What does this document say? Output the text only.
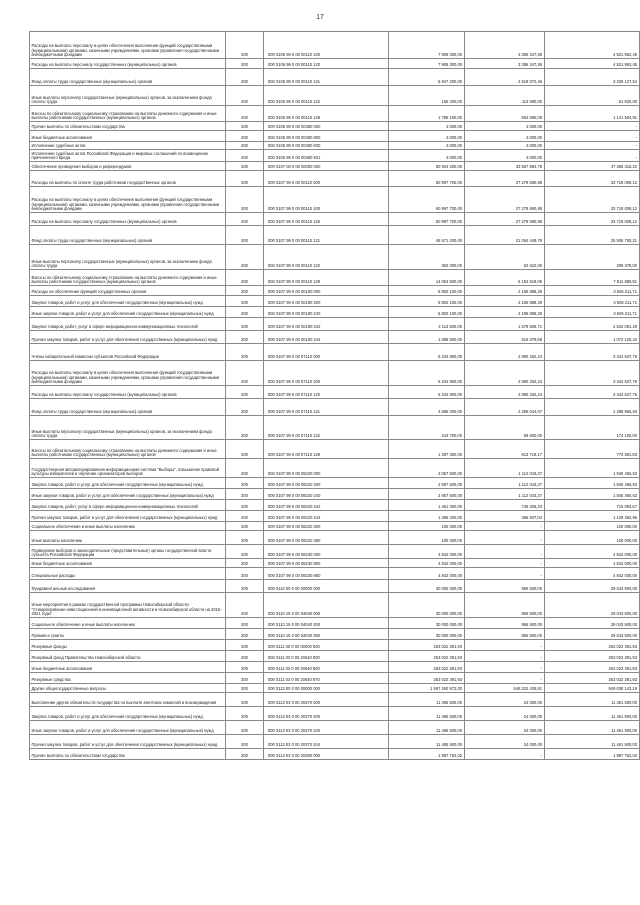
17
Расходы на выплаты персоналу в целях обеспечения выполнения функций государственными (муниципальными) органами, казенными учреждениями, органами управления государственными внебюджетными фондами	200	000 0106 99 0 00 00110 100	7 908 300,00	3 386 347,55	4 521 952,45
Расходы на выплаты персоналу государственных (муниципальных) органов	200	000 0106 99 0 00 00110 120	7 908 300,00	3 386 347,55	4 521 952,45
Фонд оплаты труда государственных (муниципальных) органов	200	000 0106 99 0 00 00110 121	5 947 200,00	2 618 072,46	3 329 127,54
Иные выплаты персоналу государственных (муниципальных) органов, за исключением фонда оплаты труда	200	000 0106 99 0 00 00110 122	165 200,00	113 680,00	51 520,00
Взносы по обязательному социальному страхованию на выплаты денежного содержания и иные выплаты работникам государственных (муниципальных) органов	200	000 0106 99 0 00 00110 129	1 795 100,00	654 595,09	1 141 504,91
Прочие выплаты по обязательствам государства	200	000 0106 99 0 00 00380 000	3 000,00	3 000,00	-
Иные бюджетные ассигнования	200	000 0106 99 0 00 00380 800	3 000,00	3 000,00	-
Исполнение судебных актов	200	000 0106 99 0 00 00380 830	3 000,00	3 000,00	-
Исполнение судебных актов Российской Федерации и мировых соглашений по возмещению причиненного вреда	200	000 0106 99 0 00 00380 831	3 000,00	3 000,00	-
Обеспечение проведения выборов и референдумов	200	000 0107 00 0 00 00000 000	80 924 200,00	33 567 884,78	47 356 315,22
Расходы на выплаты по оплате труда работников государственных органов	200	000 0107 99 0 00 00110 000	60 997 700,00	27 278 690,88	33 718 009,12
Расходы на выплаты персоналу в целях обеспечения выполнения функций государственными (муниципальными) органами, казенными учреждениями, органами управления государственными внебюджетными фондами	200	000 0107 99 0 00 00110 100	60 997 700,00	27 278 690,88	33 718 009,12
Расходы на выплаты персоналу государственных (муниципальных) органов	200	000 0107 99 0 00 00110 120	60 997 700,00	27 278 690,88	33 718 009,12
Фонд оплаты труда государственных (муниципальных) органов	200	000 0107 99 0 00 00110 121	46 571 200,00	21 064 449,79	25 506 750,21
Иные выплаты персоналу государственных (муниципальных) органов, за исключением фонда оплаты труда	200	000 0107 99 0 00 00110 122	362 000,00	62 622,00	299 378,00
Взносы по обязательному социальному страхованию на выплаты денежного содержания и иные выплаты работникам государственных (муниципальных) органов	200	000 0107 99 0 00 00110 129	14 064 500,00	6 152 619,09	7 911 880,91
Расходы на обеспечение функций государственных органов	200	000 0107 99 0 00 00190 000	5 802 100,00	2 195 888,29	3 606 211,71
Закупка товаров, работ и услуг для обеспечения государственных (муниципальных) нужд	200	000 0107 99 0 00 00190 200	5 802 100,00	2 195 888,29	3 606 211,71
Иные закупки товаров, работ и услуг для обеспечения государственных (муниципальных) нужд	200	000 0107 99 0 00 00190 240	5 802 100,00	2 195 888,29	3 606 211,71
Закупка товаров, работ, услуг в сфере информационно-коммуникационных технологий	200	000 0107 99 0 00 00190 242	4 113 600,00	1 579 508,71	2 534 091,29
Прочая закупка товаров, работ и услуг для обеспечения государственных (муниципальных) нужд	200	000 0107 99 0 00 00190 244	1 688 500,00	616 379,58	1 072 120,42
Члены избирательной комиссии субъектов Российской Федерации	200	000 0107 99 0 00 07110 000	6 234 900,00	2 890 262,24	3 344 637,76
Расходы на выплаты персоналу в целях обеспечения выполнения функций государственными (муниципальными) органами, казенными учреждениями, органами управления государственными внебюджетными фондами	200	000 0107 99 0 00 07110 100	6 234 900,00	2 890 262,24	3 344 637,76
Расходы на выплаты персоналу государственных (муниципальных) органов	200	000 0107 99 0 00 07110 120	6 234 900,00	2 890 262,24	3 344 637,76
Фонд оплаты труда государственных (муниципальных) органов	200	000 0107 99 0 00 07110 121	4 595 000,00	2 296 044,07	2 298 955,93
Иные выплаты персоналу государственных (муниципальных) органов, за исключением фонда оплаты труда	200	000 0107 99 0 00 07110 122	243 700,00	69 600,00	174 100,00
Взносы по обязательному социальному страхованию на выплаты денежного содержания и иные выплаты работникам государственных (муниципальных) органов	200	000 0107 99 0 00 07110 129	1 387 300,00	613 718,17	773 581,83
Государственная автоматизированная информационная система "Выборы", повышение правовой культуры избирателей и обучение организаторов выборов	200	000 0107 99 0 00 08220 000	3 057 500,00	1 112 043,37	1 945 456,63
Закупка товаров, работ и услуг для обеспечения государственных (муниципальных) нужд	200	000 0107 99 0 00 08220 200	2 957 500,00	1 112 043,37	1 845 456,63
Иные закупки товаров, работ и услуг для обеспечения государственных (муниципальных) нужд	200	000 0107 99 0 00 08220 240	2 957 500,00	1 112 043,37	1 845 456,63
Закупка товаров, работ, услуг в сфере информационно-коммуникационных технологий	200	000 0107 99 0 00 08220 242	1 461 300,00	745 206,33	716 093,67
Прочая закупка товаров, работ и услуг для обеспечения государственных (муниципальных) нужд	200	000 0107 99 0 00 08220 244	1 496 200,00	366 837,04	1 129 362,96
Социальное обеспечение и иные выплаты населению	200	000 0107 99 0 00 08220 300	100 000,00	-	100 000,00
Иные выплаты населению	200	000 0107 99 0 00 08220 360	100 000,00	-	100 000,00
Проведение выборов в законодательные (представительные) органы государственной власти субъекта Российской Федерации	200	000 0107 99 0 00 08230 000	4 842 000,00	-	4 842 000,00
Иные бюджетные ассигнования	200	000 0107 99 0 00 08230 800	4 842 000,00	-	4 842 000,00
Специальные расходы	200	000 0107 99 0 00 08230 880	4 842 000,00	-	4 842 000,00
Фундаментальные исследования	200	000 0110 00 0 00 00000 000	30 000 000,00	956 500,00	29 043 500,00
Иные мероприятия в рамках государственной программы Новосибирской области "Стимулирование инвестиционной и инновационной активности в Новосибирской области на 2015-2021 годы"	200	000 0110 15 0 00 04040 000	30 000 000,00	956 500,00	29 043 500,00
Социальное обеспечение и иные выплаты населению	200	000 0110 15 0 00 04040 300	30 000 000,00	956 500,00	29 043 500,00
Премии и гранты	200	000 0110 15 0 00 04040 350	30 000 000,00	956 500,00	29 043 500,00
Резервные фонды	200	000 0111 00 0 00 00000 000	253 022 391,93	-	253 022 391,93
Резервный фонд Правительства Новосибирской области	200	000 0111 03 0 00 20540 000	253 022 391,93	-	253 022 391,93
Иные бюджетные ассигнования	200	000 0111 03 0 00 20540 800	253 022 391,93	-	253 022 391,93
Резервные средства	200	000 0111 03 0 00 20540 870	253 022 391,93	-	253 022 391,93
Другие общегосударственные вопросы	200	000 0113 00 0 00 00000 000	1 597 260 572,00	648 222 428,81	949 038 143,19
Выполнение других обязательств государства по выплате агентских комиссий и вознаграждения	200	000 0113 03 0 00 20370 000	11 485 500,00	24 000,00	11 461 500,00
Закупка товаров, работ и услуг для обеспечения государственных (муниципальных) нужд	200	000 0113 03 0 00 20370 200	11 485 500,00	24 000,00	11 461 500,00
Иные закупки товаров, работ и услуг для обеспечения государственных (муниципальных) нужд	200	000 0113 03 0 00 20370 240	11 485 500,00	24 000,00	11 461 500,00
Прочая закупка товаров, работ и услуг для обеспечения государственных (муниципальных) нужд	200	000 0113 03 0 00 20370 244	11 485 500,00	24 000,00	11 461 500,00
Прочие выплаты по обязательствам государства	200	000 0113 03 0 00 20380 000	1 987 762,02	-	1 987 762,02
